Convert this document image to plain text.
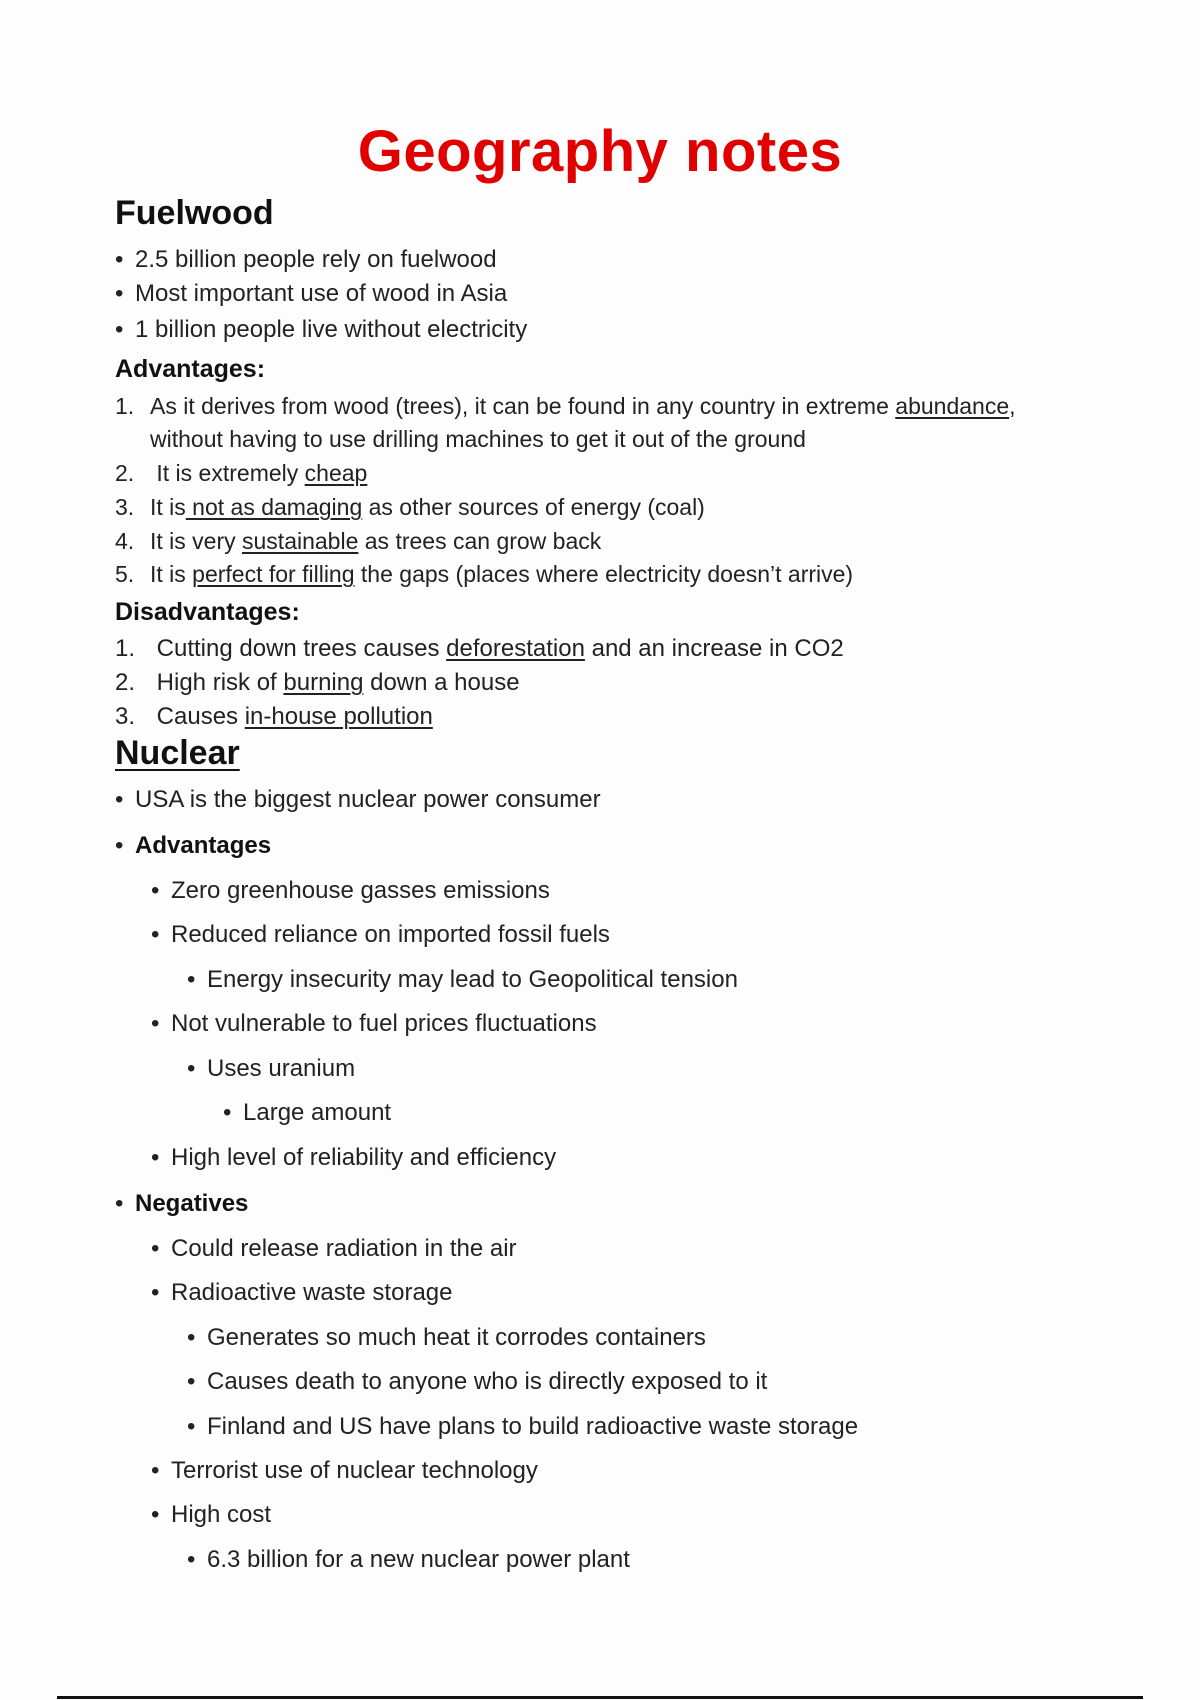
Geography notes
Fuelwood
• 2.5 billion people rely on fuelwood
• Most important use of wood in Asia
• 1 billion people live without electricity
Advantages:
1. As it derives from wood (trees), it can be found in any country in extreme abundance,
without having to use drilling machines to get it out of the ground
2. It is extremely cheap
3. It is not as damaging as other sources of energy (coal)
4. It is very sustainable as trees can grow back
5. It is perfect for filling the gaps (places where electricity doesn’t arrive)
Disadvantages:
1. Cutting down trees causes deforestation and an increase in CO2
2. High risk of burning down a house
3. Causes in-house pollution
Nuclear
• USA is the biggest nuclear power consumer
• Advantages
• Zero greenhouse gasses emissions
• Reduced reliance on imported fossil fuels
• Energy insecurity may lead to Geopolitical tension
• Not vulnerable to fuel prices fluctuations
• Uses uranium
• Large amount
• High level of reliability and efficiency
• Negatives
• Could release radiation in the air
• Radioactive waste storage
• Generates so much heat it corrodes containers
• Causes death to anyone who is directly exposed to it
• Finland and US have plans to build radioactive waste storage
• Terrorist use of nuclear technology
• High cost
• 6.3 billion for a new nuclear power plant
